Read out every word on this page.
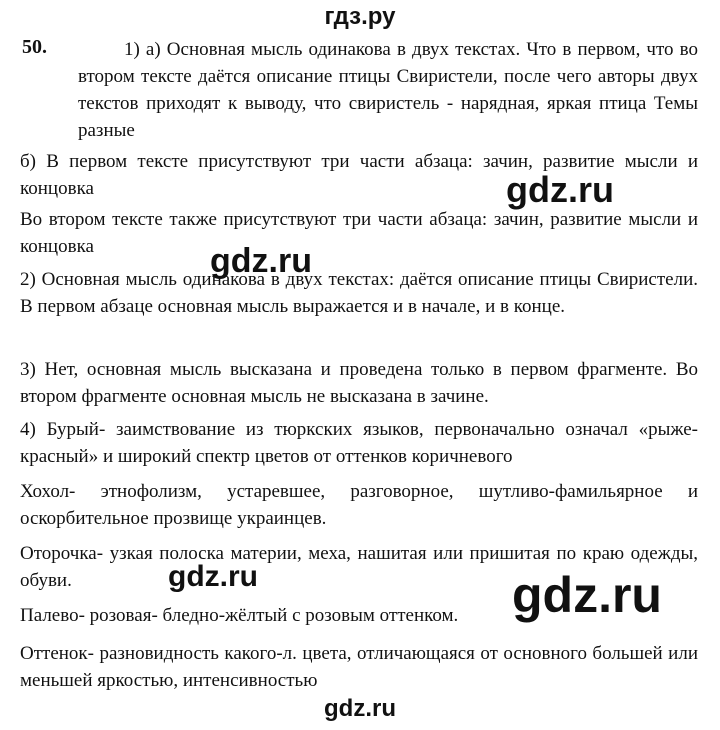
гдз.ру
50.	1) а) Основная мысль одинакова в двух текстах. Что в первом, что во втором тексте даётся описание птицы Свиристели, после чего авторы двух текстов приходят к выводу, что свиристель - нарядная, яркая птица Темы разные

б) В первом тексте присутствуют три части абзаца: зачин, развитие мысли и концовка

Во втором тексте также присутствуют три части абзаца: зачин, развитие мысли и концовка

2) Основная мысль одинакова в двух текстах: даётся описание птицы Свиристели. В первом абзаце основная мысль выражается и в начале, и в конце.

3) Нет, основная мысль высказана и проведена только в первом фрагменте. Во втором фрагменте основная мысль не высказана в зачине.

4) Бурый- заимствование из тюркских языков, первоначально означал «рыже-красный» и широкий спектр цветов от оттенков коричневого

Хохол- этнофолизм, устаревшее, разговорное, шутливо-фамильярное и оскорбительное прозвище украинцев.

Оторочка- узкая полоска материи, меха, нашитая или пришитая по краю одежды, обуви.

Палево- розовая- бледно-жёлтый с розовым оттенком.

Оттенок- разновидность какого-л. цвета, отличающаяся от основного большей или меньшей яркостью, интенсивностью

gdz.ru
gdz.ru
gdz.ru	gdz.ru
gdz.ru
